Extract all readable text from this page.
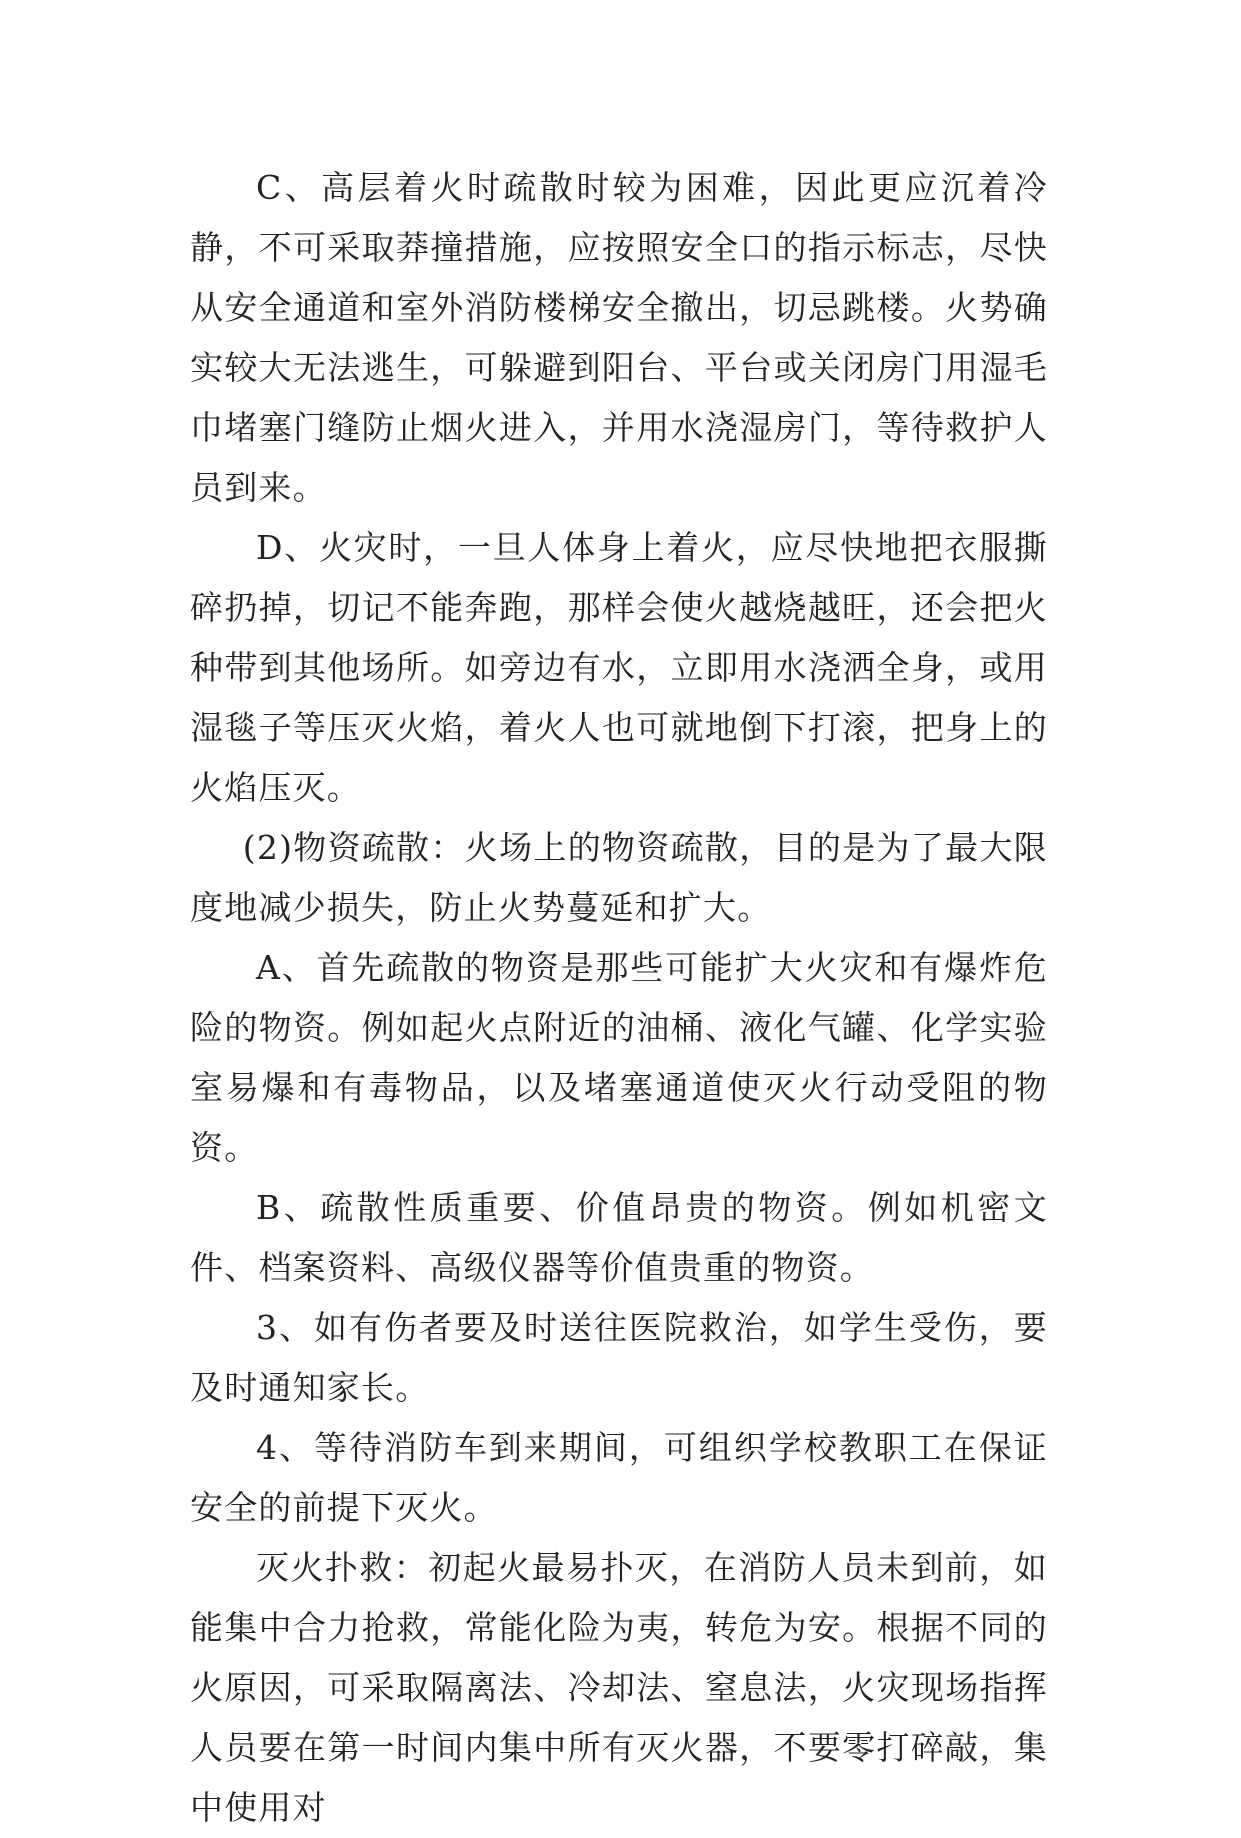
C、高层着火时疏散时较为困难，因此更应沉着冷静，不可采取莽撞措施，应按照安全口的指示标志，尽快从安全通道和室外消防楼梯安全撤出，切忌跳楼。火势确实较大无法逃生，可躲避到阳台、平台或关闭房门用湿毛巾堵塞门缝防止烟火进入，并用水浇湿房门，等待救护人员到来。

D、火灾时，一旦人体身上着火，应尽快地把衣服撕碎扔掉，切记不能奔跑，那样会使火越烧越旺，还会把火种带到其他场所。如旁边有水，立即用水浇洒全身，或用湿毯子等压灭火焰，着火人也可就地倒下打滚，把身上的火焰压灭。

(2)物资疏散：火场上的物资疏散，目的是为了最大限度地减少损失，防止火势蔓延和扩大。

A、首先疏散的物资是那些可能扩大火灾和有爆炸危险的物资。例如起火点附近的油桶、液化气罐、化学实验室易爆和有毒物品，以及堵塞通道使灭火行动受阻的物资。

B、疏散性质重要、价值昂贵的物资。例如机密文件、档案资料、高级仪器等价值贵重的物资。

3、如有伤者要及时送往医院救治，如学生受伤，要及时通知家长。

4、等待消防车到来期间，可组织学校教职工在保证安全的前提下灭火。

灭火扑救：初起火最易扑灭，在消防人员未到前，如能集中合力抢救，常能化险为夷，转危为安。根据不同的火原因，可采取隔离法、冷却法、窒息法，火灾现场指挥人员要在第一时间内集中所有灭火器，不要零打碎敲，集中使用对
